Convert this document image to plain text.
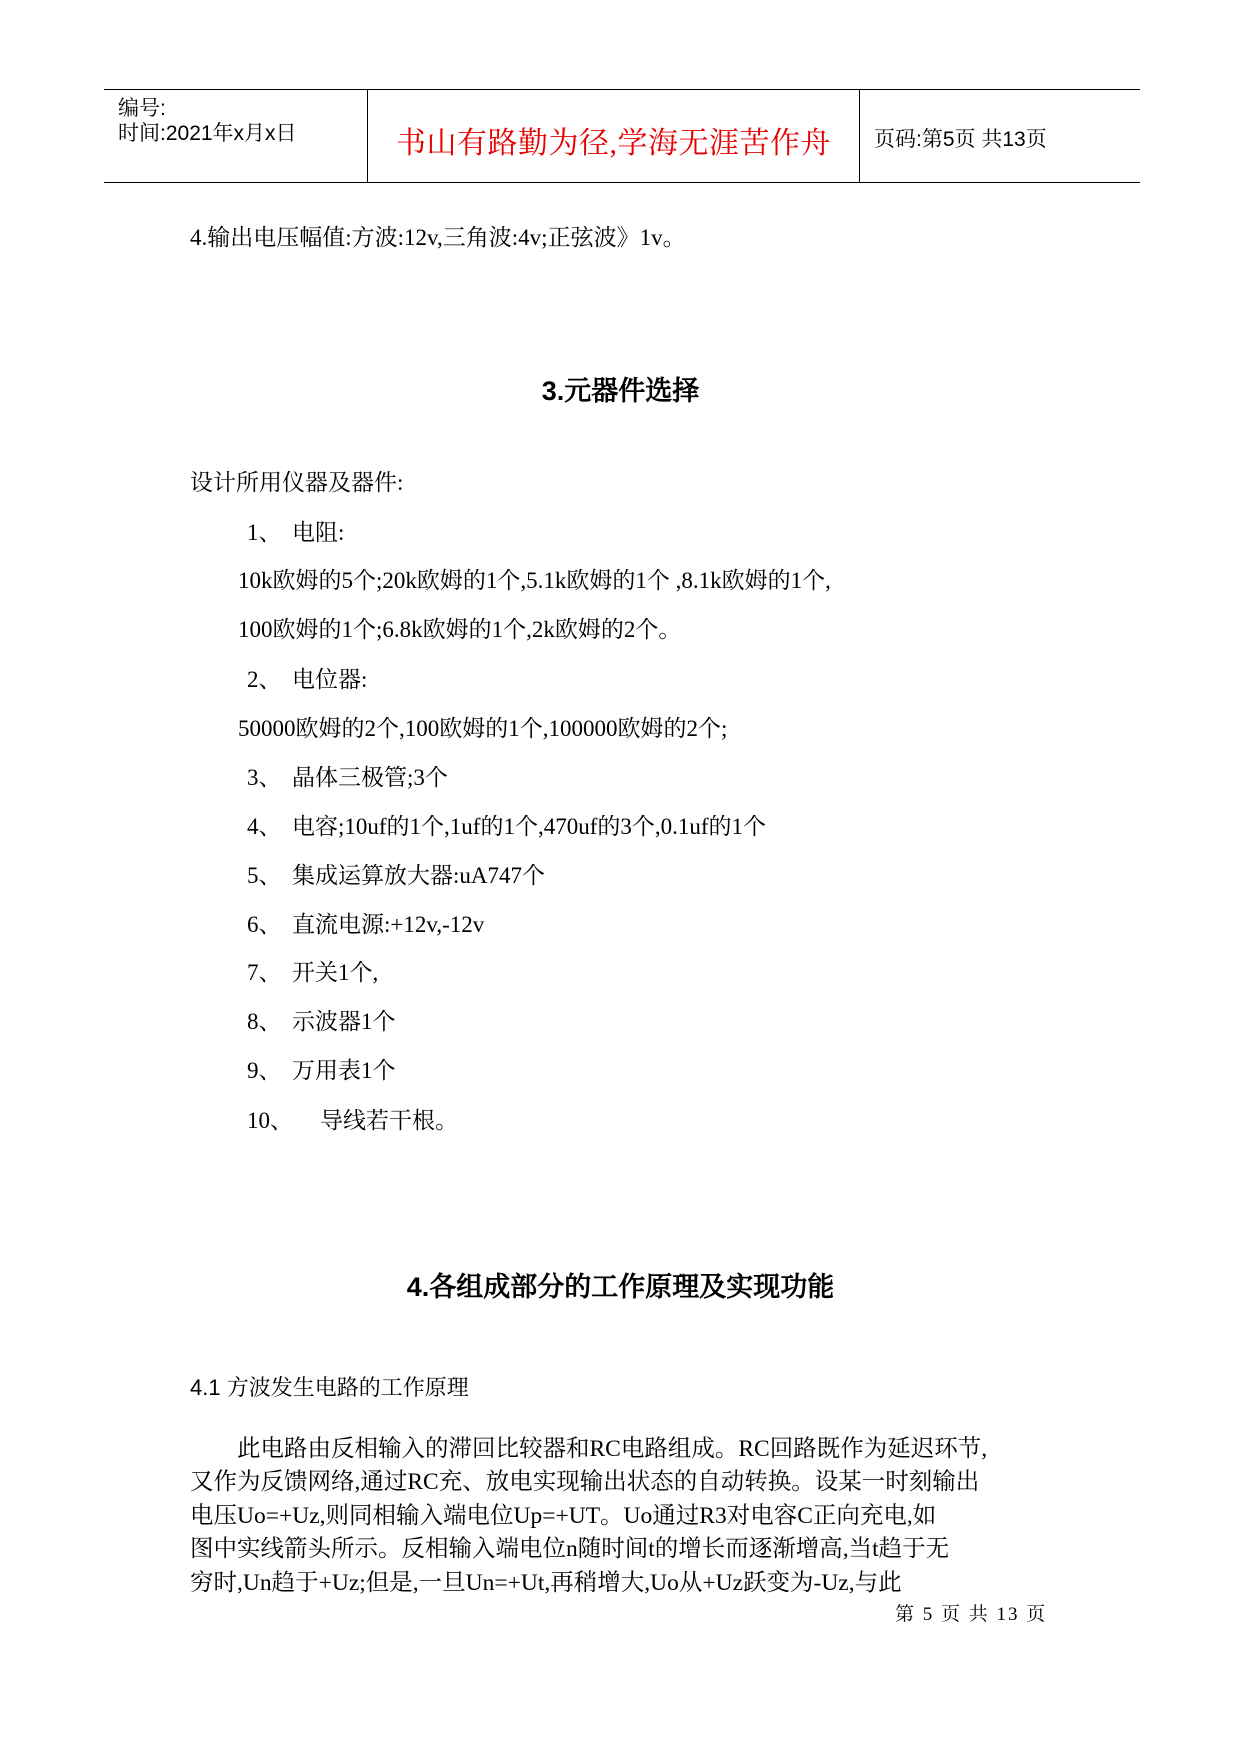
编号:
时间:2021年x月x日	书山有路勤为径,学海无涯苦作舟	页码:第5页 共13页
4.输出电压幅值:方波:12v,三角波:4v;正弦波》1v。
3.元器件选择
设计所用仪器及器件:
1、 电阻:
10k欧姆的5个;20k欧姆的1个,5.1k欧姆的1个 ,8.1k欧姆的1个,
100欧姆的1个;6.8k欧姆的1个,2k欧姆的2个。
2、 电位器:
50000欧姆的2个,100欧姆的1个,100000欧姆的2个;
3、 晶体三极管;3个
4、 电容;10uf的1个,1uf的1个,470uf的3个,0.1uf的1个
5、 集成运算放大器:uA747个
6、 直流电源:+12v,-12v
7、 开关1个,
8、 示波器1个
9、 万用表1个
10、 导线若干根。
4.各组成部分的工作原理及实现功能
4.1 方波发生电路的工作原理
此电路由反相输入的滞回比较器和RC电路组成。RC回路既作为延迟环节,
又作为反馈网络,通过RC充、放电实现输出状态的自动转换。设某一时刻输出
电压Uo=+Uz,则同相输入端电位Up=+UT。Uo通过R3对电容C正向充电,如
图中实线箭头所示。反相输入端电位n随时间t的增长而逐渐增高,当t趋于无
穷时,Un趋于+Uz;但是,一旦Un=+Ut,再稍增大,Uo从+Uz跃变为-Uz,与此
第 5 页 共 13 页
